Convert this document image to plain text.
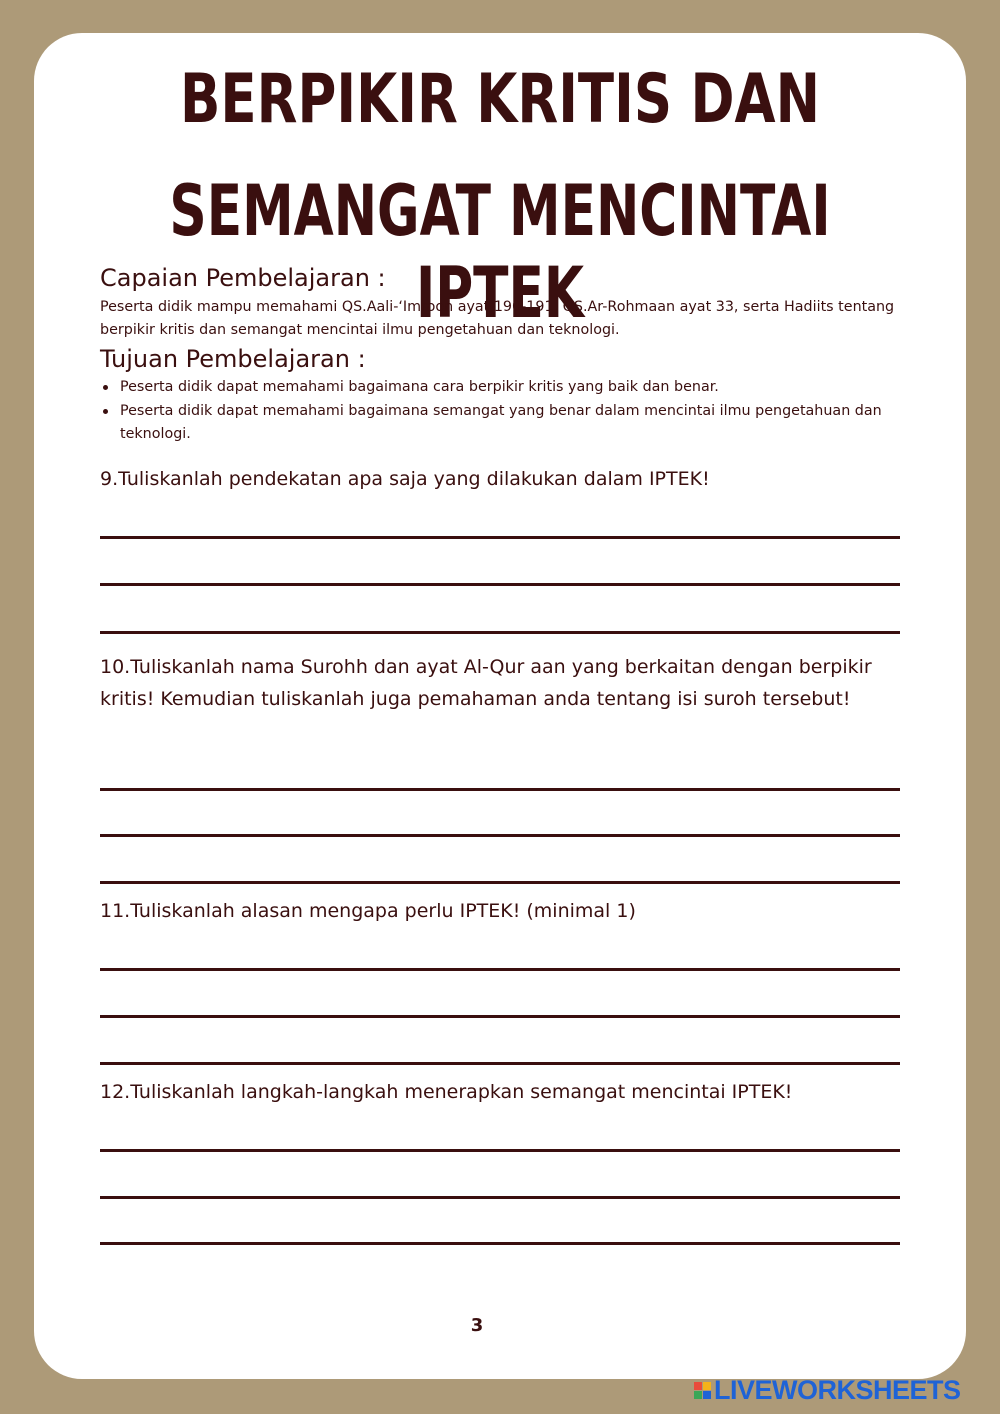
BERPIKIR KRITIS DAN
SEMANGAT MENCINTAI IPTEK
Capaian Pembelajaran :

Peserta didik mampu memahami QS.Aali-‘Imroon ayat 190-191, QS.Ar-Rohmaan ayat 33, serta Hadiits tentang berpikir kritis dan semangat mencintai ilmu pengetahuan dan teknologi.

Tujuan Pembelajaran :
Peserta didik dapat memahami bagaimana cara berpikir kritis yang baik dan benar.
Peserta didik dapat memahami bagaimana semangat yang benar dalam mencintai ilmu pengetahuan dan teknologi.

9.Tuliskanlah pendekatan apa saja yang dilakukan dalam IPTEK!

10.Tuliskanlah nama Surohh dan ayat Al-Qur aan yang berkaitan dengan berpikir kritis! Kemudian tuliskanlah juga pemahaman anda tentang isi suroh tersebut!

11.Tuliskanlah alasan mengapa perlu IPTEK! (minimal 1)

12.Tuliskanlah langkah-langkah menerapkan semangat mencintai IPTEK!

3
LIVEWORKSHEETS
